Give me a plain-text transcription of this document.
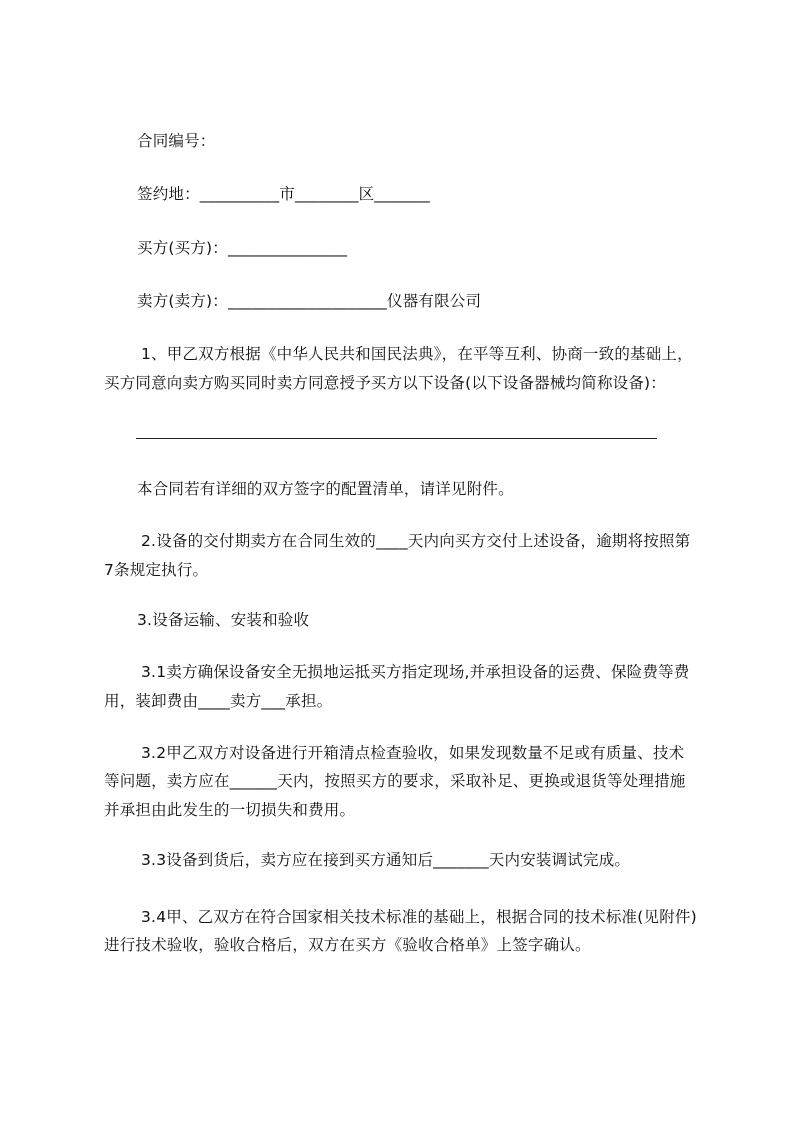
合同编号：
签约地：__________市________区_______
买方(买方)：_______________
卖方(卖方)：____________________仪器有限公司
1、甲乙双方根据《中华人民共和国民法典》，在平等互利、协商一致的基础上，
买方同意向卖方购买同时卖方同意授予买方以下设备(以下设备器械均简称设备)：
本合同若有详细的双方签字的配置清单，请详见附件。
2.设备的交付期卖方在合同生效的____天内向买方交付上述设备，逾期将按照第
7条规定执行。
3.设备运输、安装和验收
3.1卖方确保设备安全无损地运抵买方指定现场,并承担设备的运费、保险费等费
用，装卸费由____卖方___承担。
3.2甲乙双方对设备进行开箱清点检查验收，如果发现数量不足或有质量、技术
等问题，卖方应在______天内，按照买方的要求，采取补足、更换或退货等处理措施
并承担由此发生的一切损失和费用。
3.3设备到货后，卖方应在接到买方通知后_______天内安装调试完成。
3.4甲、乙双方在符合国家相关技术标准的基础上，根据合同的技术标准(见附件)
进行技术验收，验收合格后，双方在买方《验收合格单》上签字确认。
